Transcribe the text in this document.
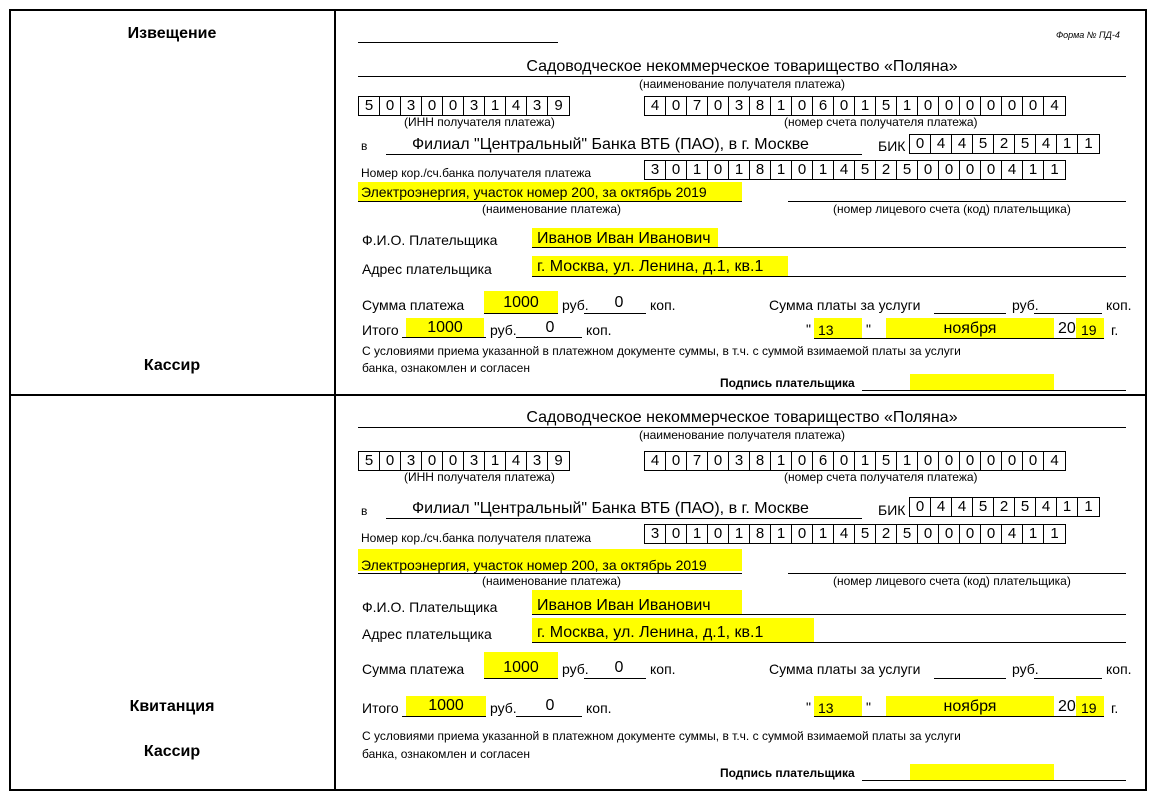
Извещение
Кассир
Квитанция
Кассир
Форма № ПД-4
Садоводческое некоммерческое товарищество «Поляна»
(наименование получателя платежа)
5 0 3 0 0 3 1 4 3 9
(ИНН получателя платежа)
4 0 7 0 3 8 1 0 6 0 1 5 1 0 0 0 0 0 0 4
(номер счета получателя платежа)
в	Филиал "Центральный" Банка ВТБ (ПАО), в г. Москве	БИК 0 4 4 5 2 5 4 1 1
Номер кор./сч.банка получателя платежа	3 0 1 0 1 8 1 0 1 4 5 2 5 0 0 0 0 4 1 1
Электроэнергия, участок номер 200, за октябрь 2019
(наименование платежа)	(номер лицевого счета (код) плательщика)
Ф.И.О. Плательщика Иванов Иван Иванович
Адрес плательщика	г. Москва, ул. Ленина, д.1, кв.1
Сумма платежа	1000	руб.	0	коп.	Сумма платы за услуги	руб.	коп.
Итого	1000	руб.	0	коп.	" 13 "	ноября	20 19 г.
С условиями приема указанной в платежном документе суммы, в т.ч. с суммой взимаемой платы за услуги
банка, ознакомлен и согласен
Подпись плательщика
Садоводческое некоммерческое товарищество «Поляна»
(наименование получателя платежа)
5 0 3 0 0 3 1 4 3 9
(ИНН получателя платежа)
4 0 7 0 3 8 1 0 6 0 1 5 1 0 0 0 0 0 0 4
(номер счета получателя платежа)
в	Филиал "Центральный" Банка ВТБ (ПАО), в г. Москве	БИК 0 4 4 5 2 5 4 1 1
Номер кор./сч.банка получателя платежа	3 0 1 0 1 8 1 0 1 4 5 2 5 0 0 0 0 4 1 1
Электроэнергия, участок номер 200, за октябрь 2019
(наименование платежа)	(номер лицевого счета (код) плательщика)
Ф.И.О. Плательщика Иванов Иван Иванович
Адрес плательщика	г. Москва, ул. Ленина, д.1, кв.1
Сумма платежа	1000	руб.	0	коп.	Сумма платы за услуги	руб.	коп.
Итого	1000	руб.	0	коп.	" 13 "	ноября	20 19 г.
С условиями приема указанной в платежном документе суммы, в т.ч. с суммой взимаемой платы за услуги
банка, ознакомлен и согласен
Подпись плательщика
